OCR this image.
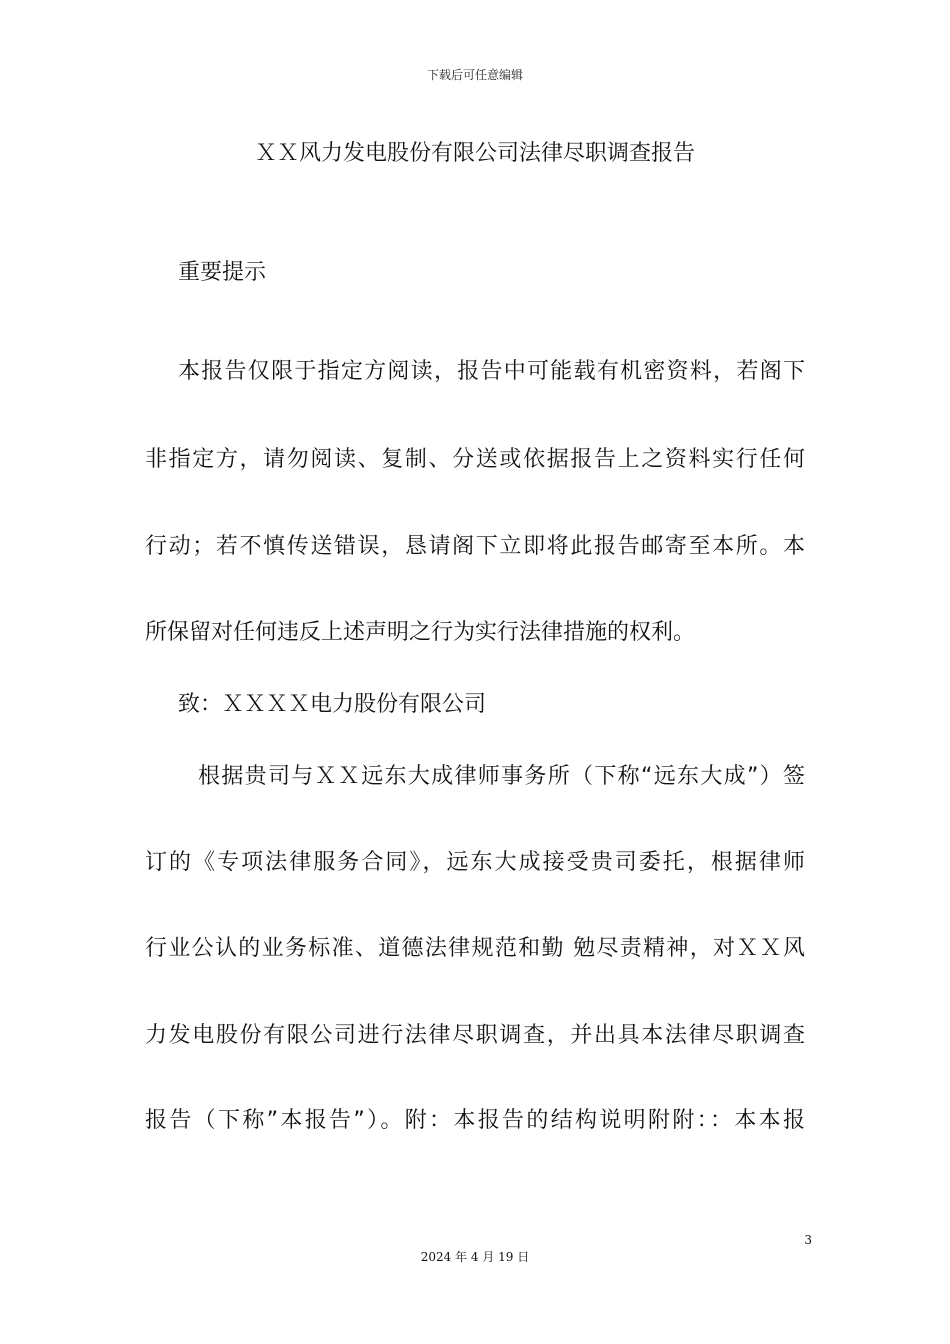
下载后可任意编辑
ＸＸ风力发电股份有限公司法律尽职调查报告
重要提示
本报告仅限于指定方阅读，报告中可能载有机密资料，若阁下
非指定方，请勿阅读、复制、分送或依据报告上之资料实行任何
行动；若不慎传送错误，恳请阁下立即将此报告邮寄至本所。本
所保留对任何违反上述声明之行为实行法律措施的权利。
致：ＸＸＸＸ电力股份有限公司
根据贵司与ＸＸ远东大成律师事务所（下称“远东大成”）签
订的《专项法律服务合同》，远东大成接受贵司委托，根据律师
行业公认的业务标准、道德法律规范和勤 勉尽责精神，对ＸＸ风
力发电股份有限公司进行法律尽职调查，并出具本法律尽职调查
报告（下称”本报告”）。附：本报告的结构说明附附：：本本报
3
2024 年 4 月 19 日
